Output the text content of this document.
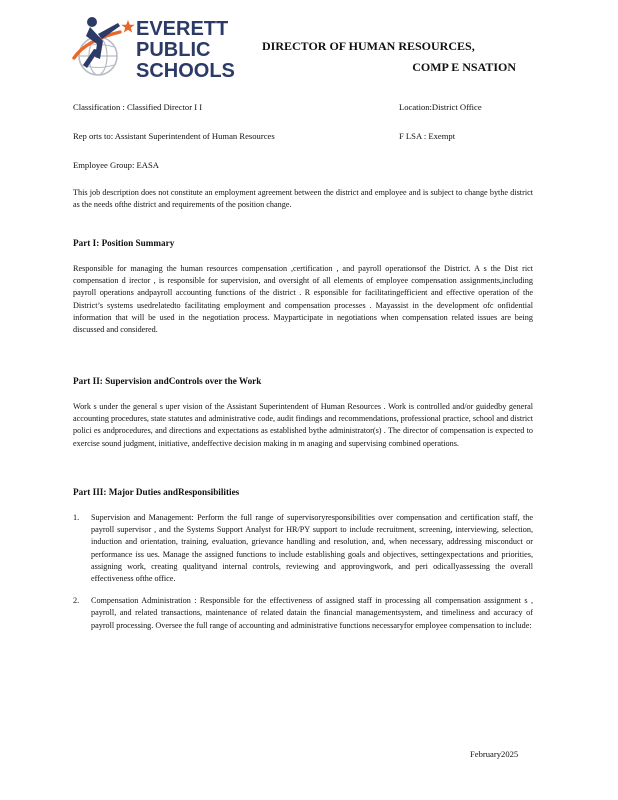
EVERETT
PUBLIC
SCHOOLS
DIRECTOR OF HUMAN RESOURCES,
COMP E NSATION
Classification : Classified Director I I	Location:District Office
Rep orts to: Assistant Superintendent of Human Resources	F LSA : Exempt
Employee Group: EASA
This job description does not constitute an employment agreement between the district and employee and is subject to change bythe district as the needs ofthe district and requirements of the position change.
Part I: Position Summary
Responsible for managing the human resources compensation ,certification , and payroll operationsof the District. A s the Dist rict compensation d irector , is responsible for supervision, and oversight of all elements of employee compensation assignments,including payroll operations andpayroll accounting functions of the district . R esponsible for facilitatingefficient and effective operation of the District’s systems usedrelatedto facilitating employment and compensation processes . Mayassist in the development ofc onfidential information that will be used in the negotiation process. Mayparticipate in negotiations when compensation related issues are being discussed and considered.
Part II: Supervision andControls over the Work
Work s under the general s uper vision of the Assistant Superintendent of Human Resources . Work is controlled and/or guidedby general accounting procedures, state statutes and administrative code, audit findings and recommendations, professional practice, school and district polici es andprocedures, and directions and expectations as established bythe administrator(s) . The director of compensation is expected to exercise sound judgment, initiative, andeffective decision making in m anaging and supervising combined operations.
Part III: Major Duties andResponsibilities
1. Supervision and Management: Perform the full range of supervisoryresponsibilities over compensation and certification staff, the payroll supervisor , and the Systems Support Analyst for HR/PY support to include recruitment, screening, interviewing, selection, induction and orientation, training, evaluation, grievance handling and resolution, and, when necessary, addressing misconduct or performance iss ues. Manage the assigned functions to include establishing goals and objectives, settingexpectations and priorities, assigning work, creating qualityand internal controls, reviewing and approvingwork, and peri odicallyassessing the overall effectiveness ofthe office.
2. Compensation Administration : Responsible for the effectiveness of assigned staff in processing all compensation assignment s , payroll, and related transactions, maintenance of related datain the financial managementsystem, and timeliness and accuracy of payroll processing. Oversee the full range of accounting and administrative functions necessaryfor employee compensation to include:
February2025
